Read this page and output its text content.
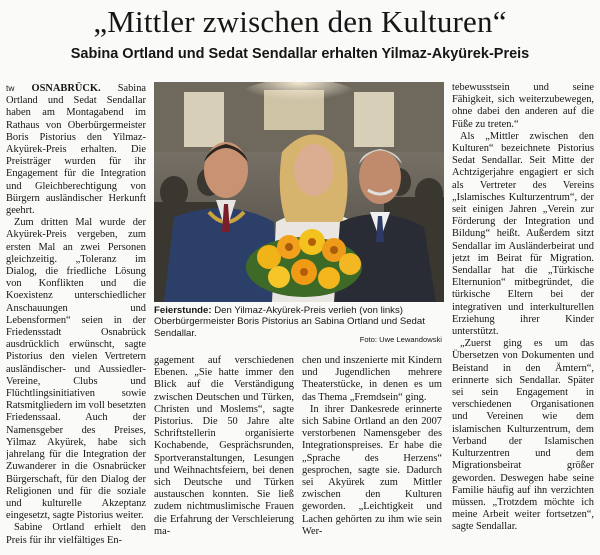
„Mittler zwischen den Kulturen“
Sabina Ortland und Sedat Sendallar erhalten Yilmaz-Akyürek-Preis

tw OSNABRÜCK. Sabina Ortland und Sedat Sendallar haben am Montagabend im Rathaus von Oberbürgermeister Boris Pistorius den Yilmaz-Akyürek-Preis erhalten. Die Preisträger wurden für ihr Engagement für die Integration und Gleichberechtigung von Bürgern ausländischer Herkunft geehrt.

Zum dritten Mal wurde der Akyürek-Preis vergeben, zum ersten Mal an zwei Personen gleichzeitig. „Toleranz im Dialog, die friedliche Lösung von Konflikten und die Koexistenz unterschiedlicher Anschauungen und Lebensformen“ seien in der Friedensstadt Osnabrück ausdrücklich erwünscht, sagte Pistorius den vielen Vertretern ausländischer- und Aussiedler-Vereine, Clubs und Flüchtlingsinitiativen sowie Ratsmitgliedern im voll besetzten Friedenssaal. Auch der Namensgeber des Preises, Yilmaz Akyürek, habe sich jahrelang für die Integration der Zuwanderer in die Osnabrücker Bürgerschaft, für den Dialog der Religionen und für die soziale und kulturelle Akzeptanz eingesetzt, sagte Pistorius weiter.

Sabine Ortland erhielt den Preis für ihr vielfältiges En-

Feierstunde: Den Yilmaz-Akyürek-Preis verlieh (von links) Oberbürgermeister Boris Pistorius an Sabina Ortland und Sedat Sendallar.

Foto: Uwe Lewandowski

gagement auf verschiedenen Ebenen. „Sie hatte immer den Blick auf die Verständigung zwischen Deutschen und Türken, Christen und Moslems“, sagte Pistorius. Die 50 Jahre alte Schriftstellerin organisierte Kochabende, Gesprächsrunden, Sportveranstaltungen, Lesungen und Weihnachtsfeiern, bei denen sich Deutsche und Türken austauschen konnten. Sie ließ zudem nichtmuslimische Frauen die Erfahrung der Verschleierung ma-

chen und inszenierte mit Kindern und Jugendlichen mehrere Theaterstücke, in denen es um das Thema „Fremdsein“ ging.

In ihrer Dankesrede erinnerte sich Sabine Ortland an den 2007 verstorbenen Namensgeber des Integrationspreises. Er habe die „Sprache des Herzens“ gesprochen, sagte sie. Dadurch sei Akyürek zum Mittler zwischen den Kulturen geworden. „Leichtigkeit und Lachen gehörten zu ihm wie sein Wer-

tebewusstsein und seine Fähigkeit, sich weiterzubewegen, ohne dabei den anderen auf die Füße zu treten.“

Als „Mittler zwischen den Kulturen“ bezeichnete Pistorius Sedat Sendallar. Seit Mitte der Achtzigerjahre engagiert er sich als Vertreter des Vereins „Islamisches Kulturzentrum“, der seit einigen Jahren „Verein zur Förderung der Integration und Bildung“ heißt. Außerdem sitzt Sendallar im Ausländerbeirat und jetzt im Beirat für Migration. Sendallar hat die „Türkische Elternunion“ mitbegründet, die türkische Eltern bei der integrativen und interkulturellen Erziehung ihrer Kinder unterstützt.

„Zuerst ging es um das Übersetzen von Dokumenten und Beistand in den Ämtern“, erinnerte sich Sendallar. Später sei sein Engagement in verschiedenen Organisationen und Vereinen wie dem islamischen Kulturzentrum, dem Verband der Islamischen Kulturzentren und dem Migrationsbeirat größer geworden. Deswegen habe seine Familie häufig auf ihn verzichten müssen. „Trotzdem möchte ich meine Arbeit weiter fortsetzen“, sagte Sendallar.
